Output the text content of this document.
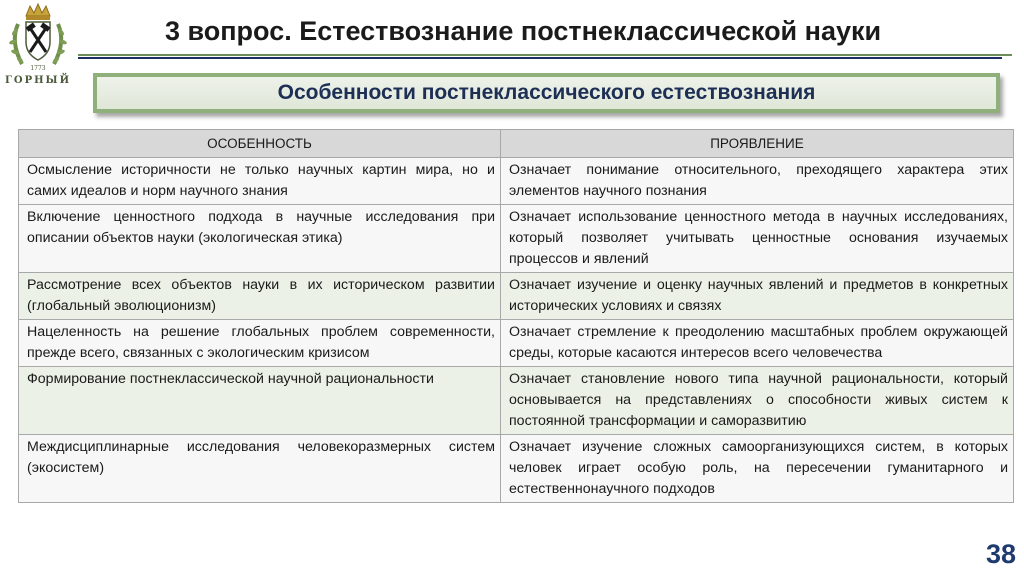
1773
ГОРНЫЙ
3 вопрос. Естествознание постнеклассической науки
Особенности постнеклассического естествознания
ОСОБЕННОСТЬ	ПРОЯВЛЕНИЕ
Осмысление историчности не только научных картин мира, но и самих идеалов и норм научного знания	Означает понимание относительного, преходящего характера этих элементов научного познания
Включение ценностного подхода в научные исследования при описании объектов науки (экологическая этика)	Означает использование ценностного метода в научных исследованиях, который позволяет учитывать ценностные основания изучаемых процессов и явлений
Рассмотрение всех объектов науки в их историческом развитии (глобальный эволюционизм)	Означает изучение и оценку научных явлений и предметов в конкретных исторических условиях и связях
Нацеленность на решение глобальных проблем современности, прежде всего, связанных с экологическим кризисом	Означает стремление к преодолению масштабных проблем окружающей среды, которые касаются интересов всего человечества
Формирование постнеклассической научной рациональности	Означает становление нового типа научной рациональности, который основывается на представлениях о способности живых систем к постоянной трансформации и саморазвитию
Междисциплинарные исследования человекоразмерных систем (экосистем)	Означает изучение сложных самоорганизующихся систем, в которых человек играет особую роль, на пересечении гуманитарного и естественнонаучного подходов
38
